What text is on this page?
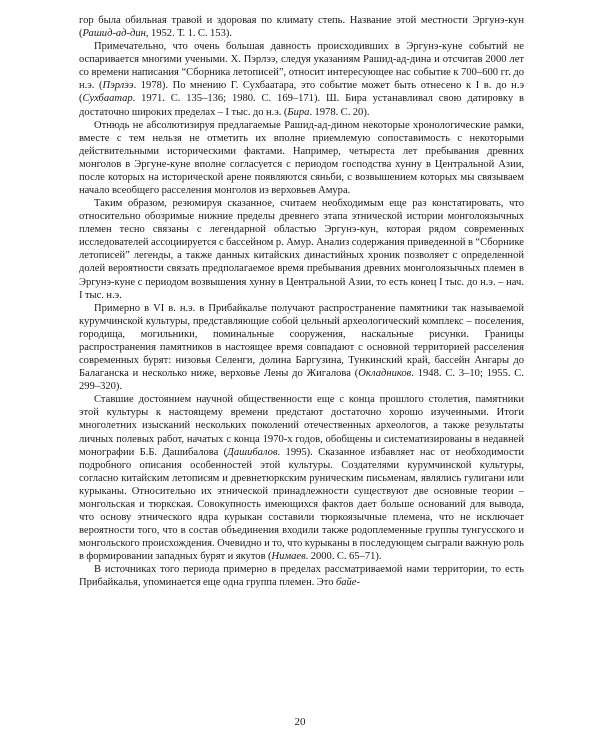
гор была обильная травой и здоровая по климату степь. Название этой местности Эргунэ-кун (Рашид-ад-дин, 1952. Т. 1. С. 153).

Примечательно, что очень большая давность происходивших в Эргунэ-куне событий не оспаривается многими учеными. Х. Пэрлээ, следуя указаниям Рашид-ад-дина и отсчитав 2000 лет со времени написания “Сборника летописей”, относит интересующее нас событие к 700–600 гг. до н.э. (Пэрлээ. 1978). По мнению Г. Сухбаатара, это событие может быть отнесено к I в. до н.э (Сухбаатар. 1971. С. 135–136; 1980. С. 169–171). Ш. Бира устанавливал свою датировку в достаточно широких пределах – I тыс. до н.э. (Бира. 1978. С. 20).

Отнюдь не абсолютизируя предлагаемые Рашид-ад-дином некоторые хронологические рамки, вместе с тем нельзя не отметить их вполне приемлемую сопоставимость с некоторыми действительными историческими фактами. Например, четыреста лет пребывания древних монголов в Эргуне-куне вполне согласуется с периодом господства хунну в Центральной Азии, после которых на исторической арене появляются сяньби, с возвышением которых мы связываем начало всеобщего расселения монголов из верховьев Амура.

Таким образом, резюмируя сказанное, считаем необходимым еще раз констатировать, что относительно обозримые нижние пределы древнего этапа этнической истории монголоязычных племен тесно связаны с легендарной областью Эргунэ-кун, которая рядом современных исследователей ассоциируется с бассейном р. Амур. Анализ содержания приведенной в “Сборнике летописей” легенды, а также данных китайских династийных хроник позволяет с определенной долей вероятности связать предполагаемое время пребывания древних монголоязычных племен в Эргунэ-куне с периодом возвышения хунну в Центральной Азии, то есть конец I тыс. до н.э. – нач. I тыс. н.э.

Примерно в VI в. н.э. в Прибайкалье получают распространение памятники так называемой курумчинской культуры, представляющие собой цельный археологический комплекс – поселения, городища, могильники, поминальные сооружения, наскальные рисунки. Границы распространения памятников в настоящее время совпадают с основной территорией расселения современных бурят: низовья Селенги, долина Баргузина, Тункинский край, бассейн Ангары до Балаганска и несколько ниже, верховье Лены до Жигалова (Окладников. 1948. С. 3–10; 1955. С. 299–320).

Ставшие достоянием научной общественности еще с конца прошлого столетия, памятники этой культуры к настоящему времени предстают достаточно хорошо изученными. Итоги многолетних изысканий нескольких поколений отечественных археологов, а также результаты личных полевых работ, начатых с конца 1970-х годов, обобщены и систематизированы в недавней монографии Б.Б. Дашибалова (Дашибалов. 1995). Сказанное избавляет нас от необходимости подробного описания особенностей этой культуры. Создателями курумчинской культуры, согласно китайским летописям и древнетюркским руническим письменам, являлись гулигани или курыканы. Относительно их этнической принадлежности существуют две основные теории – монгольская и тюркская. Совокупность имеющихся фактов дает больше оснований для вывода, что основу этнического ядра курыкан составили тюркоязычные племена, что не исключает вероятности того, что в состав объединения входили также родоплеменные группы тунгусского и монгольского происхождения. Очевидно и то, что курыканы в последующем сыграли важную роль в формировании западных бурят и якутов (Нимаев. 2000. С. 65–71).

В источниках того периода примерно в пределах рассматриваемой нами территории, то есть Прибайкалья, упоминается еще одна группа племен. Это байе-

20
